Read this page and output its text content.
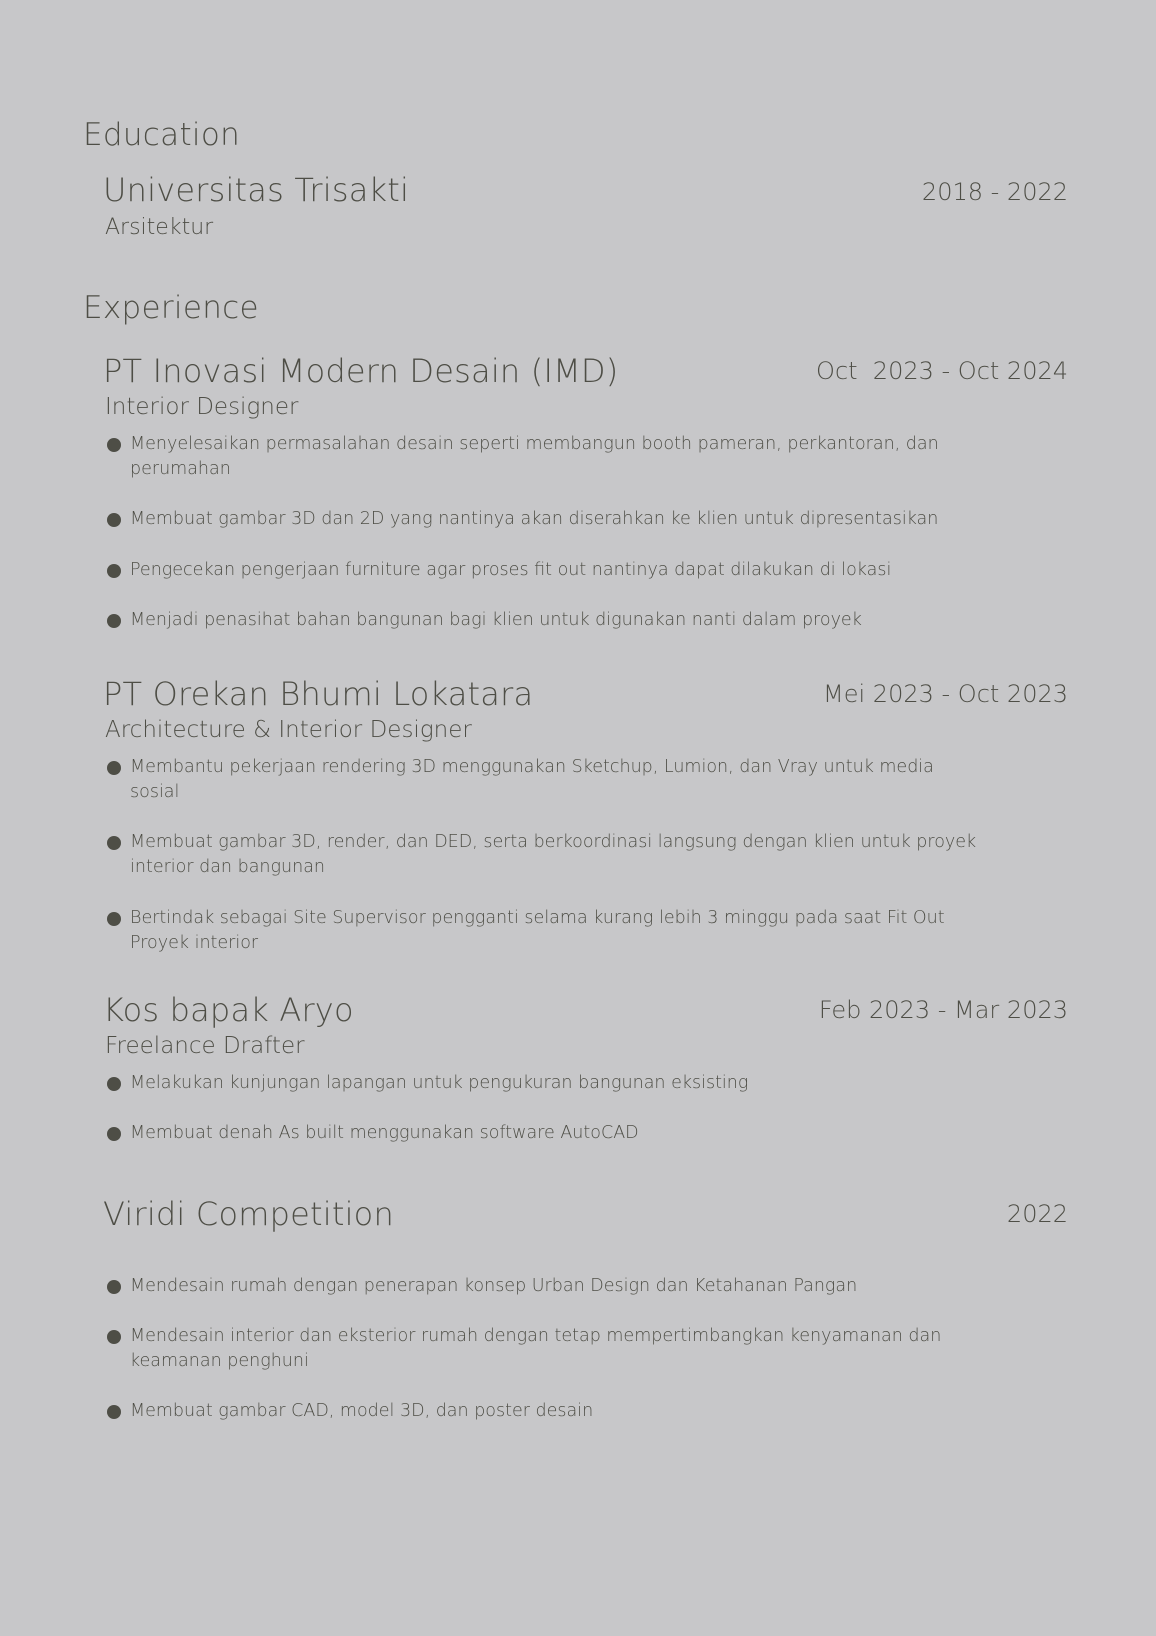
Education
Universitas Trisakti	2018 - 2022
Arsitektur
Experience
PT Inovasi Modern Desain (IMD)	Oct  2023 - Oct 2024
Interior Designer
Menyelesaikan permasalahan desain seperti membangun booth pameran, perkantoran, dan perumahan
Membuat gambar 3D dan 2D yang nantinya akan diserahkan ke klien untuk dipresentasikan
Pengecekan pengerjaan furniture agar proses fit out nantinya dapat dilakukan di lokasi
Menjadi penasihat bahan bangunan bagi klien untuk digunakan nanti dalam proyek
PT Orekan Bhumi Lokatara	Mei 2023 - Oct 2023
Architecture & Interior Designer
Membantu pekerjaan rendering 3D menggunakan Sketchup, Lumion, dan Vray untuk media sosial
Membuat gambar 3D, render, dan DED, serta berkoordinasi langsung dengan klien untuk proyek interior dan bangunan
Bertindak sebagai Site Supervisor pengganti selama kurang lebih 3 minggu pada saat Fit Out Proyek interior
Kos bapak Aryo	Feb 2023 - Mar 2023
Freelance Drafter
Melakukan kunjungan lapangan untuk pengukuran bangunan eksisting
Membuat denah As built menggunakan software AutoCAD
Viridi Competition	2022
Mendesain rumah dengan penerapan konsep Urban Design dan Ketahanan Pangan
Mendesain interior dan eksterior rumah dengan tetap mempertimbangkan kenyamanan dan keamanan penghuni
Membuat gambar CAD, model 3D, dan poster desain
